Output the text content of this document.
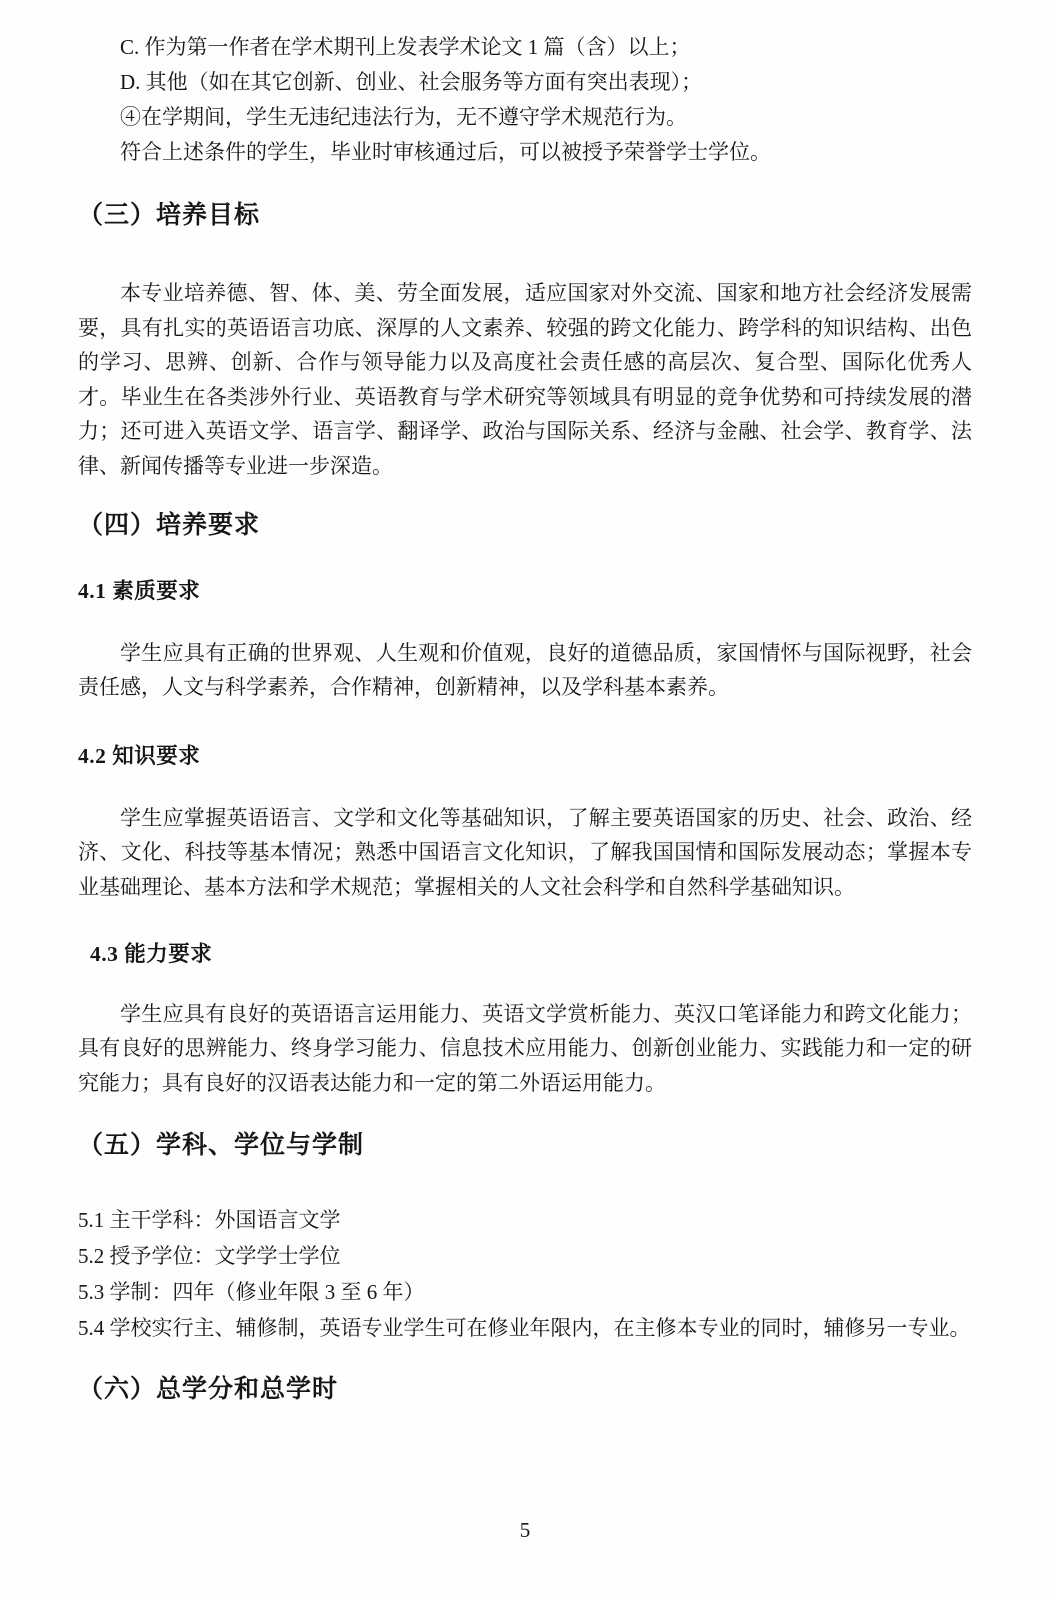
C. 作为第一作者在学术期刊上发表学术论文 1 篇（含）以上；

D. 其他（如在其它创新、创业、社会服务等方面有突出表现）；

④在学期间，学生无违纪违法行为，无不遵守学术规范行为。

符合上述条件的学生，毕业时审核通过后，可以被授予荣誉学士学位。

（三）培养目标

本专业培养德、智、体、美、劳全面发展，适应国家对外交流、国家和地方社会经济发展需要，具有扎实的英语语言功底、深厚的人文素养、较强的跨文化能力、跨学科的知识结构、出色的学习、思辨、创新、合作与领导能力以及高度社会责任感的高层次、复合型、国际化优秀人才。毕业生在各类涉外行业、英语教育与学术研究等领域具有明显的竞争优势和可持续发展的潜力；还可进入英语文学、语言学、翻译学、政治与国际关系、经济与金融、社会学、教育学、法律、新闻传播等专业进一步深造。

（四）培养要求
4.1 素质要求

学生应具有正确的世界观、人生观和价值观，良好的道德品质，家国情怀与国际视野，社会责任感，人文与科学素养，合作精神，创新精神，以及学科基本素养。

4.2 知识要求

学生应掌握英语语言、文学和文化等基础知识，了解主要英语国家的历史、社会、政治、经济、文化、科技等基本情况；熟悉中国语言文化知识，了解我国国情和国际发展动态；掌握本专业基础理论、基本方法和学术规范；掌握相关的人文社会科学和自然科学基础知识。

4.3 能力要求

学生应具有良好的英语语言运用能力、英语文学赏析能力、英汉口笔译能力和跨文化能力；具有良好的思辨能力、终身学习能力、信息技术应用能力、创新创业能力、实践能力和一定的研究能力；具有良好的汉语表达能力和一定的第二外语运用能力。

（五）学科、学位与学制

5.1 主干学科：外国语言文学

5.2 授予学位：文学学士学位

5.3 学制：四年（修业年限 3 至 6 年）

5.4 学校实行主、辅修制，英语专业学生可在修业年限内，在主修本专业的同时，辅修另一专业。

（六）总学分和总学时
5
